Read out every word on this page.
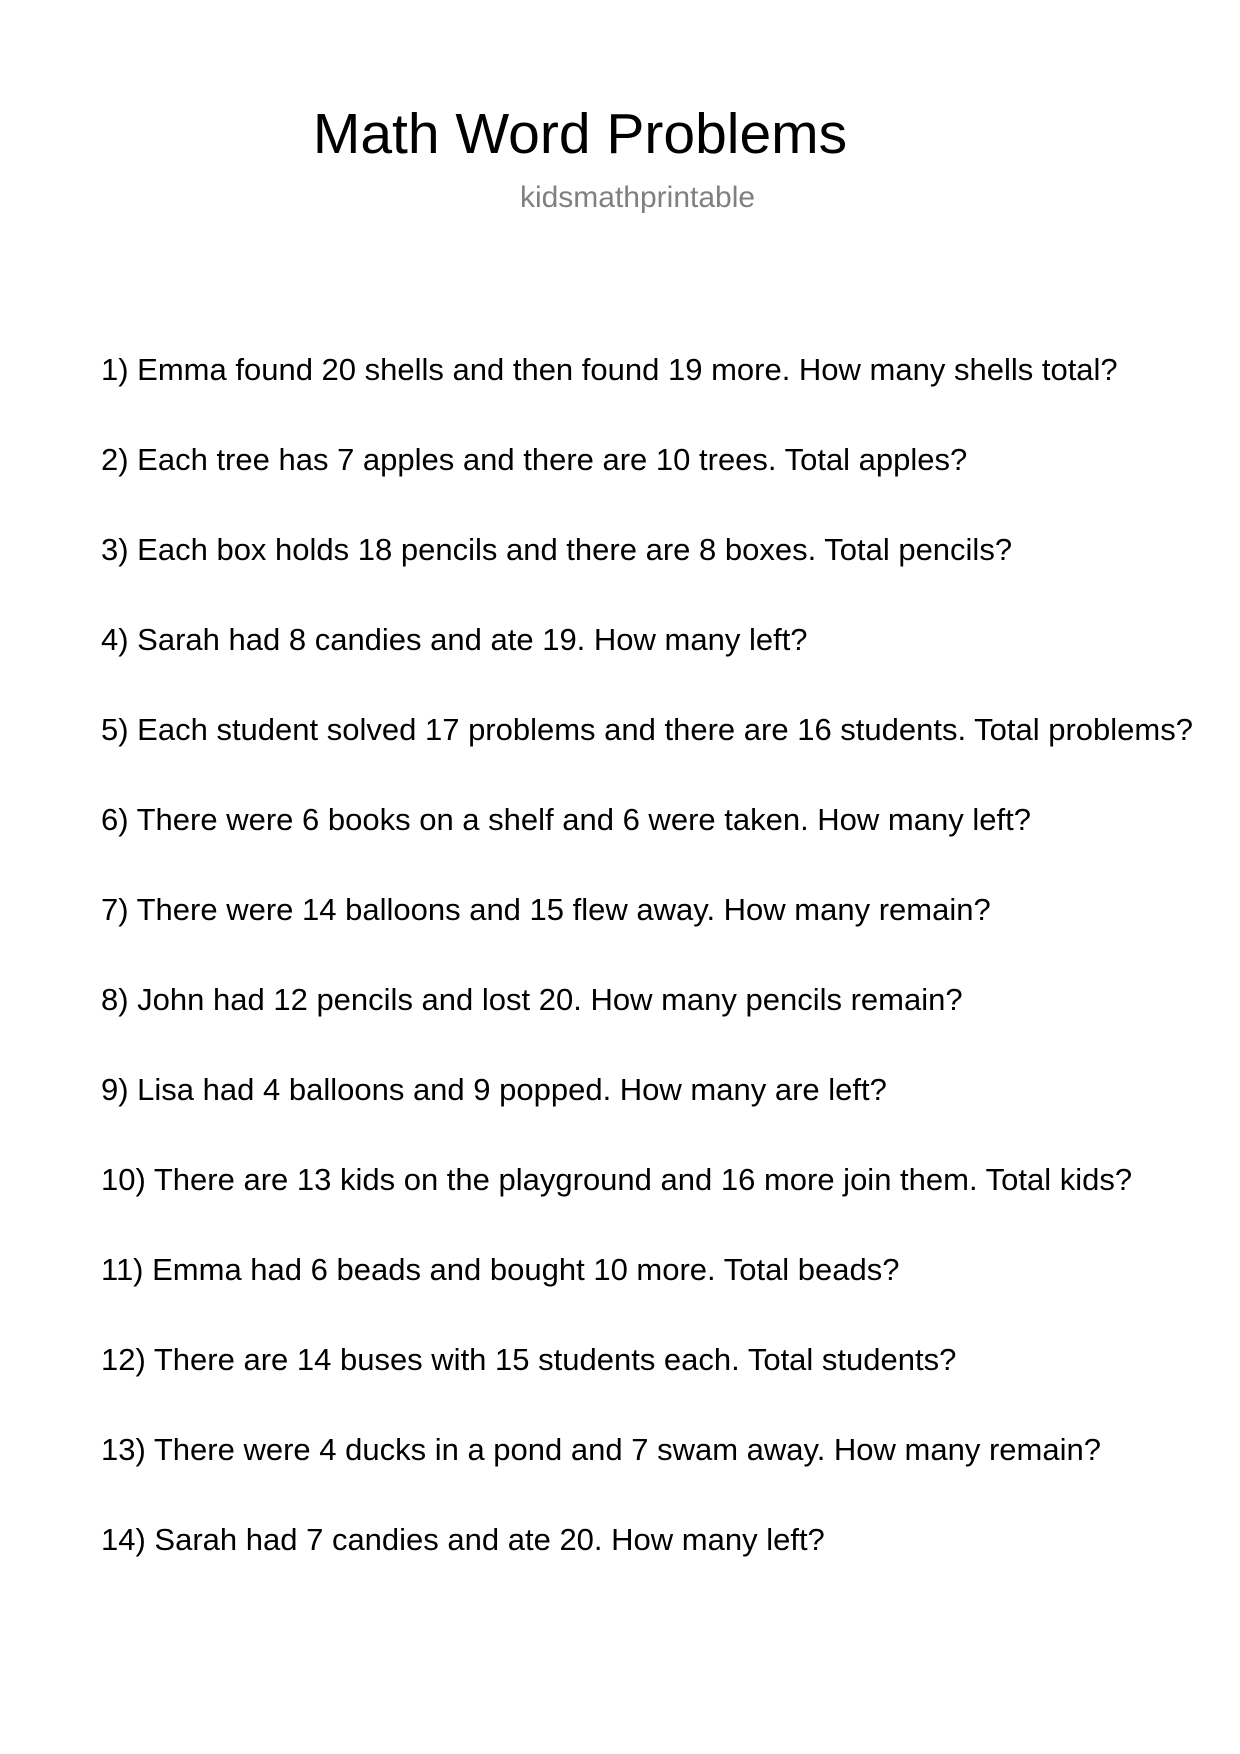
Math Word Problems
kidsmathprintable
1) Emma found 20 shells and then found 19 more. How many shells total?
2) Each tree has 7 apples and there are 10 trees. Total apples?
3) Each box holds 18 pencils and there are 8 boxes. Total pencils?
4) Sarah had 8 candies and ate 19. How many left?
5) Each student solved 17 problems and there are 16 students. Total problems?
6) There were 6 books on a shelf and 6 were taken. How many left?
7) There were 14 balloons and 15 flew away. How many remain?
8) John had 12 pencils and lost 20. How many pencils remain?
9) Lisa had 4 balloons and 9 popped. How many are left?
10) There are 13 kids on the playground and 16 more join them. Total kids?
11) Emma had 6 beads and bought 10 more. Total beads?
12) There are 14 buses with 15 students each. Total students?
13) There were 4 ducks in a pond and 7 swam away. How many remain?
14) Sarah had 7 candies and ate 20. How many left?
